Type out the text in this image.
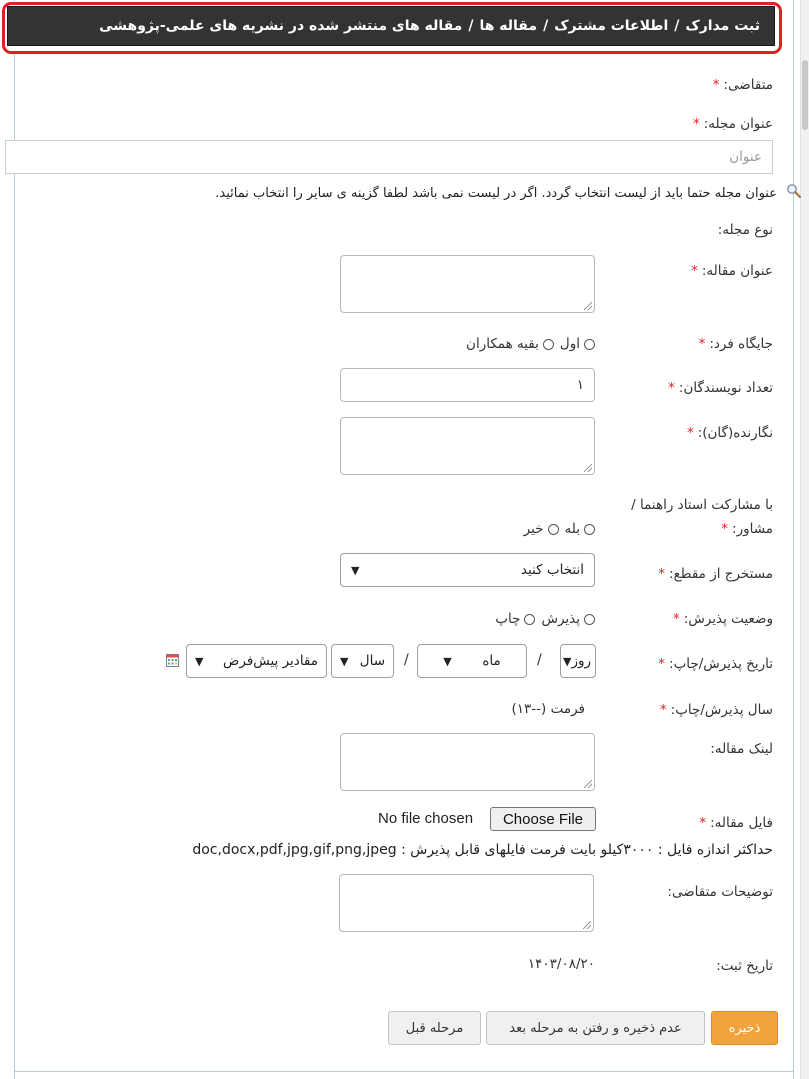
ثبت مدارک
/
اطلاعات مشترک
/
مقاله ها
/
مقاله های منتشر شده در نشریه های علمی-پژوهشی
متقاضی:*
عنوان مجله:*
عنوان
عنوان مجله حتما باید از لیست انتخاب گردد. اگر در لیست نمی باشد لطفا گزینه ی سایر را انتخاب نمائید.
نوع مجله:
عنوان مقاله:*
جایگاه فرد:*
اول
بقیه همکاران
تعداد نویسندگان:*
۱
نگارنده(گان):*
با مشارکت استاد راهنما /
مشاور:*
بله
خیر
مستخرج از مقطع:*
انتخاب کنید
▼
وضعیت پذیرش:*
پذیرش
چاپ
تاریخ پذیرش/چاپ:*
روز
▼
/
ماه
▼
/
سال
▼
مقادیر پیش‌فرض
▼
سال پذیرش/چاپ:*
فرمت (--۱۳)
لینک مقاله:
فایل مقاله:*
Choose File
No file chosen
حداکثر اندازه فایل : ۳۰۰۰کیلو بایت فرمت فایلهای قابل پذیرش : doc,docx,pdf,jpg,gif,png,jpeg
توضیحات متقاضی:
تاریخ ثبت:
۱۴۰۳/۰۸/۲۰
ذخیره
عدم ذخیره و رفتن به مرحله بعد
مرحله قبل
